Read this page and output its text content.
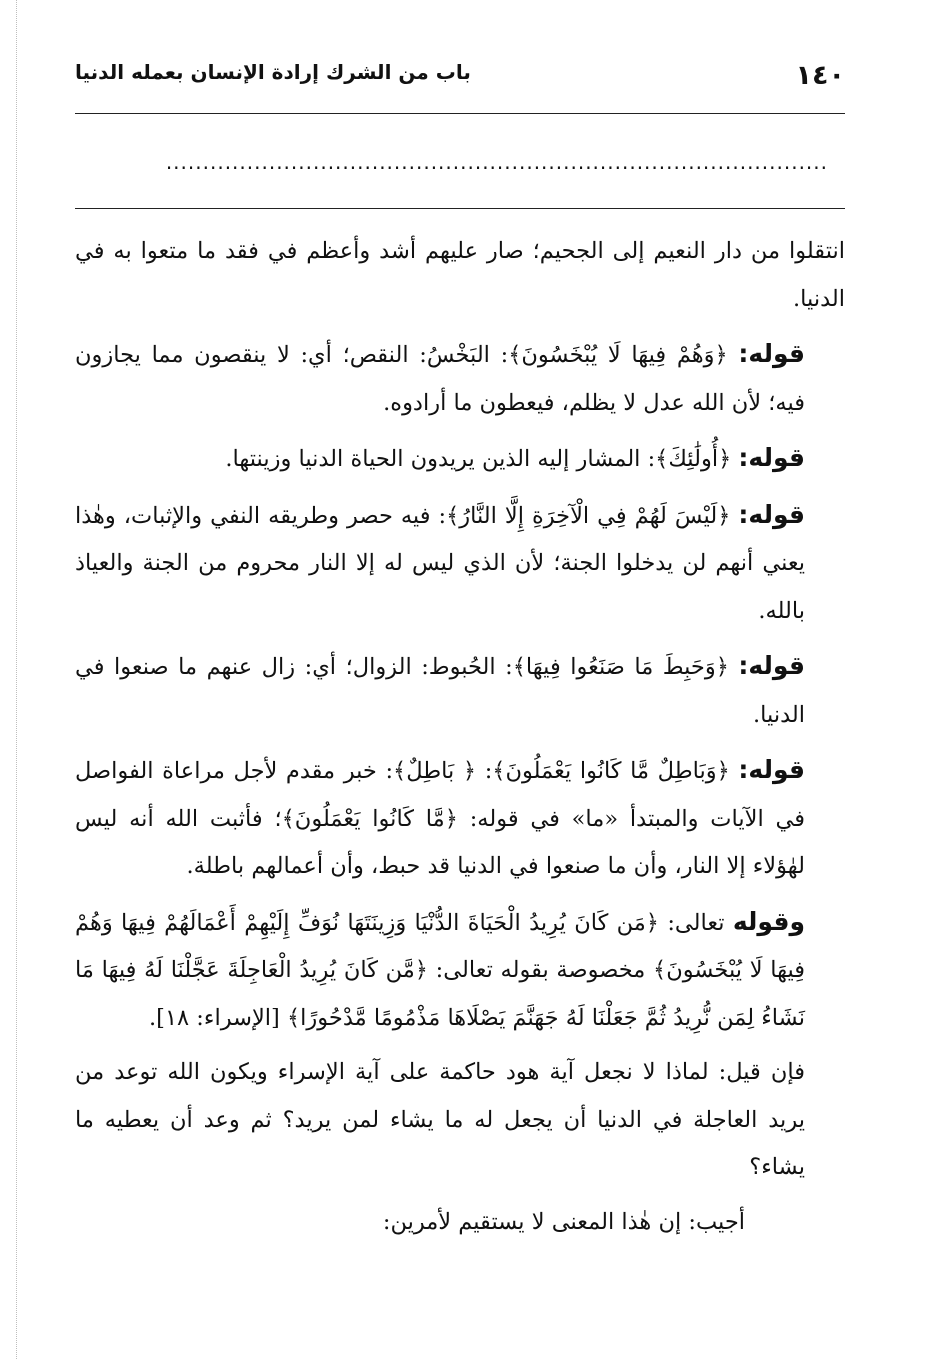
١٤٠
باب من الشرك إرادة الإنسان بعمله الدنيا
..........................................................................................

انتقلوا من دار النعيم إلى الجحيم؛ صار عليهم أشد وأعظم في فقد ما متعوا به في الدنيا.

قوله: ﴿وَهُمْ فِيهَا لَا يُبْخَسُونَ﴾: البَخْسُ: النقص؛ أي: لا ينقصون مما يجازون فيه؛ لأن الله عدل لا يظلم، فيعطون ما أرادوه.

قوله: ﴿أُولَٰئِكَ﴾: المشار إليه الذين يريدون الحياة الدنيا وزينتها.

قوله: ﴿لَيْسَ لَهُمْ فِي الْآخِرَةِ إِلَّا النَّارُ﴾: فيه حصر وطريقه النفي والإثبات، وهٰذا يعني أنهم لن يدخلوا الجنة؛ لأن الذي ليس له إلا النار محروم من الجنة والعياذ بالله.

قوله: ﴿وَحَبِطَ مَا صَنَعُوا فِيهَا﴾: الحُبوط: الزوال؛ أي: زال عنهم ما صنعوا في الدنيا.

قوله: ﴿وَبَاطِلٌ مَّا كَانُوا يَعْمَلُونَ﴾: ﴿ بَاطِلٌ﴾: خبر مقدم لأجل مراعاة الفواصل في الآيات والمبتدأ «ما» في قوله: ﴿مَّا كَانُوا يَعْمَلُونَ﴾؛ فأثبت الله أنه ليس لهٰؤلاء إلا النار، وأن ما صنعوا في الدنيا قد حبط، وأن أعمالهم باطلة.

وقوله تعالى: ﴿مَن كَانَ يُرِيدُ الْحَيَاةَ الدُّنْيَا وَزِينَتَهَا نُوَفِّ إِلَيْهِمْ أَعْمَالَهُمْ فِيهَا وَهُمْ فِيهَا لَا يُبْخَسُونَ﴾ مخصوصة بقوله تعالى: ﴿مَّن كَانَ يُرِيدُ الْعَاجِلَةَ عَجَّلْنَا لَهُ فِيهَا مَا نَشَاءُ لِمَن نُّرِيدُ ثُمَّ جَعَلْنَا لَهُ جَهَنَّمَ يَصْلَاهَا مَذْمُومًا مَّدْحُورًا﴾ [الإسراء: ١٨].

فإن قيل: لماذا لا نجعل آية هود حاكمة على آية الإسراء ويكون الله توعد من يريد العاجلة في الدنيا أن يجعل له ما يشاء لمن يريد؟ ثم وعد أن يعطيه ما يشاء؟

أجيب: إن هٰذا المعنى لا يستقيم لأمرين:
